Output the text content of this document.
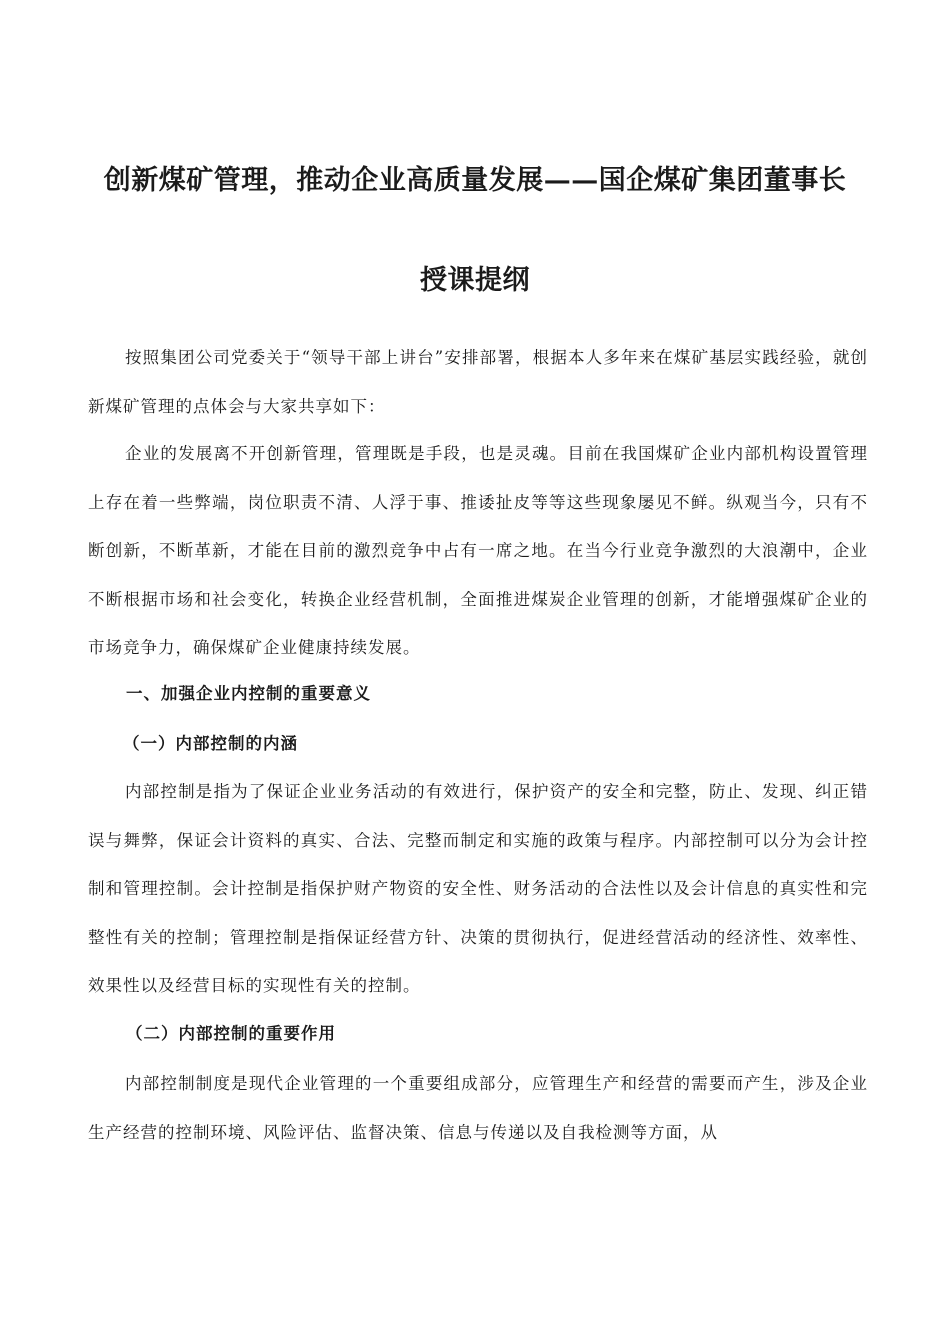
创新煤矿管理，推动企业高质量发展——国企煤矿集团董事长
授课提纲
按照集团公司党委关于“领导干部上讲台”安排部署，根据本人多年来在煤矿基层实践经验，就创新煤矿管理的点体会与大家共享如下：
企业的发展离不开创新管理，管理既是手段，也是灵魂。目前在我国煤矿企业内部机构设置管理上存在着一些弊端，岗位职责不清、人浮于事、推诿扯皮等等这些现象屡见不鲜。纵观当今，只有不断创新，不断革新，才能在目前的激烈竞争中占有一席之地。在当今行业竞争激烈的大浪潮中，企业不断根据市场和社会变化，转换企业经营机制，全面推进煤炭企业管理的创新，才能增强煤矿企业的市场竞争力，确保煤矿企业健康持续发展。
一、加强企业内控制的重要意义
（一）内部控制的内涵
内部控制是指为了保证企业业务活动的有效进行，保护资产的安全和完整，防止、发现、纠正错误与舞弊，保证会计资料的真实、合法、完整而制定和实施的政策与程序。内部控制可以分为会计控制和管理控制。会计控制是指保护财产物资的安全性、财务活动的合法性以及会计信息的真实性和完整性有关的控制；管理控制是指保证经营方针、决策的贯彻执行，促进经营活动的经济性、效率性、效果性以及经营目标的实现性有关的控制。
（二）内部控制的重要作用
内部控制制度是现代企业管理的一个重要组成部分，应管理生产和经营的需要而产生，涉及企业生产经营的控制环境、风险评估、监督决策、信息与传递以及自我检测等方面，从
